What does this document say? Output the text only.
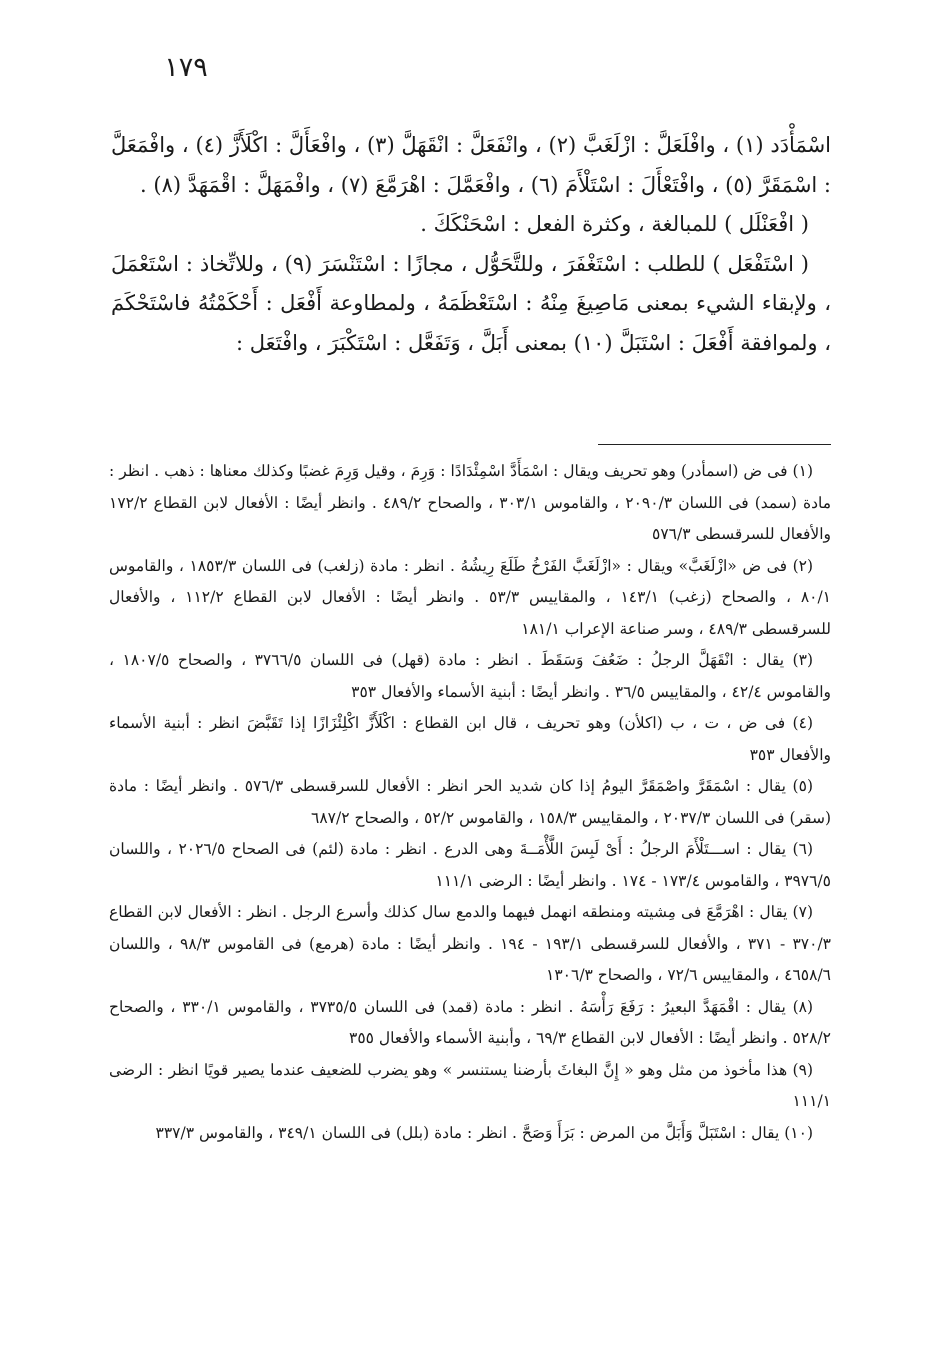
١٧٩

اسْمَأْدَد (١) ، وافْلَعَلَّ : ازْلَغَبَّ (٢) ، وانْفَعَلَّ : انْقَهَلَّ (٣) ، وافْعَأَلَّ : اكْلَأَزَّ (٤) ، وافْمَعَلَّ : اسْمَقَرَّ (٥) ، وافْتَعْأَلَ : اسْتَلْأَمَ (٦) ، وافْعَمَّلَ : اهْرَمَّعَ (٧) ، وافْمَهَلَّ : اقْمَهَدَّ (٨) .

( افْعَنْلَل ) للمبالغة ، وكثرة الفعل : اسْحَنْكَكَ .

( اسْتَفْعَل ) للطلب : اسْتَغْفَرَ ، وللتَّحَوُّل ، مجازًا : اسْتَنْسَرَ (٩) ، وللاتِّخاذ : اسْتَعْمَلَ ، ولإبقاء الشيء بمعنى مَاصِيغَ مِنْهُ : اسْتَعْظَمَهُ ، ولمطاوعة أَفْعَل : أَحْكَمْتُهُ فاسْتَحْكَمَ ، ولموافقة أَفْعَلَ : اسْتَبَلَّ (١٠) بمعنى أَبَلَّ ، وَتَفَعَّل : اسْتَكْبَرَ ، وافْتَعَل :

(١) فى ض (اسمأدر) وهو تحريف ويقال : اسْمَأَدَّ اسْمِئْدَادًا : وَرِمَ ، وقيل وَرِمَ غضبًا وكذلك معناها : ذهب . انظر : مادة (سمد) فى اللسان ٢٠٩٠/٣ ، والقاموس ٣٠٣/١ ، والصحاح ٤٨٩/٢ . وانظر أيضًا : الأفعال لابن القطاع ١٧٢/٢ والأفعال للسرقسطى ٥٧٦/٣

(٢) فى ض «ازْلَغَبَّ» ويقال : «ازْلَغَبَّ الفَرْخُ طَلَعَ رِيشُهُ . انظر : مادة (زلغب) فى اللسان ١٨٥٣/٣ ، والقاموس ٨٠/١ ، والصحاح (زغب) ١٤٣/١ ، والمقاييس ٥٣/٣ . وانظر أيضًا : الأفعال لابن القطاع ١١٢/٢ ، والأفعال للسرقسطى ٤٨٩/٣ ، وسر صناعة الإعراب ١٨١/١

(٣) يقال : انْقَهَلَّ الرجلُ : ضَعُفَ وَسَقَطَ . انظر : مادة (قهل) فى اللسان ٣٧٦٦/٥ ، والصحاح ١٨٠٧/٥ ، والقاموس ٤٢/٤ ، والمقاييس ٣٦/٥ . وانظر أيضًا : أبنية الأسماء والأفعال ٣٥٣

(٤) فى ض ، ت ، ب (اكلأن) وهو تحريف ، قال ابن القطاع : اكْلَأَزَّ اكْلِئْزَازًا إذا تَقَبَّضَ انظر : أبنية الأسماء والأفعال ٣٥٣

(٥) يقال : اسْمَقَرَّ واصْمَقَرَّ اليومُ إذا كان شديد الحر انظر : الأفعال للسرقسطى ٥٧٦/٣ . وانظر أيضًا : مادة (سقر) فى اللسان ٢٠٣٧/٣ ، والمقاييس ١٥٨/٣ ، والقاموس ٥٢/٢ ، والصحاح ٦٨٧/٢

(٦) يقال : اســـتَلْأَمَ الرجلُ : أَىْ لَبِسَ اللَّأْمَــةَ وهى الدرع . انظر : مادة (لئم) فى الصحاح ٢٠٢٦/٥ ، واللسان ٣٩٧٦/٥ ، والقاموس ١٧٣/٤ - ١٧٤ . وانظر أيضًا : الرضى ١١١/١

(٧) يقال : اهْرَمَّعَ فى مِشيته ومنطقه انهمل فيهما والدمع سال كذلك وأسرع الرجل . انظر : الأفعال لابن القطاع ٣٧٠/٣ - ٣٧١ ، والأفعال للسرقسطى ١٩٣/١ - ١٩٤ . وانظر أيضًا : مادة (هرمع) فى القاموس ٩٨/٣ ، واللسان ٤٦٥٨/٦ ، والمقاييس ٧٢/٦ ، والصحاح ١٣٠٦/٣

(٨) يقال : اقْمَهَدَّ البعيرُ : رَفَعَ رَأْسَهُ . انظر : مادة (قمد) فى اللسان ٣٧٣٥/٥ ، والقاموس ٣٣٠/١ ، والصحاح ٥٢٨/٢ . وانظر أيضًا : الأفعال لابن القطاع ٦٩/٣ ، وأبنية الأسماء والأفعال ٣٥٥

(٩) هذا مأخوذ من مثل وهو « إِنَّ البغاثَ بأرضنا يستنسر » وهو يضرب للضعيف عندما يصير قويًا انظر : الرضى ١١١/١

(١٠) يقال : اسْتَبَلَّ وَأَبَلَّ من المرض : بَرَأَ وَصَحَّ . انظر : مادة (بلل) فى اللسان ٣٤٩/١ ، والقاموس ٣٣٧/٣
